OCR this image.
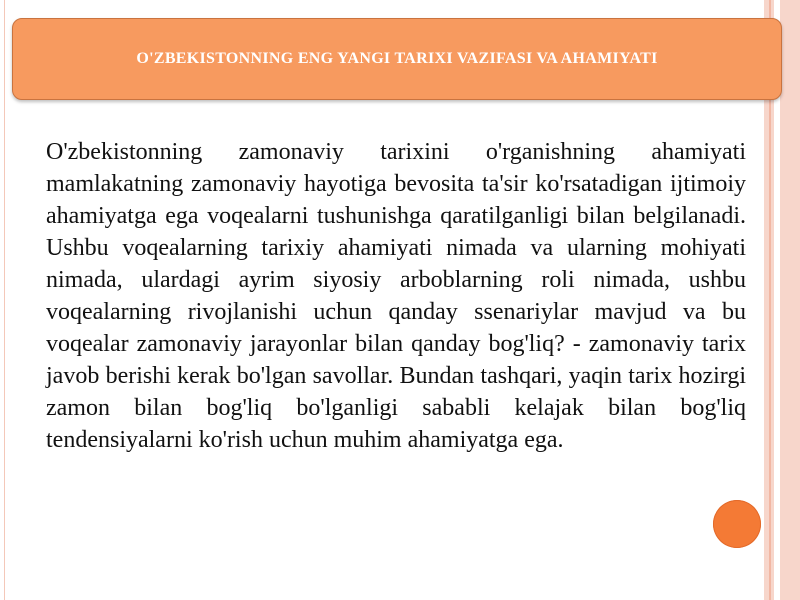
O'ZBEKISTONNING ENG YANGI TARIXI VAZIFASI VA AHAMIYATI

O'zbekistonning zamonaviy tarixini o'rganishning ahamiyati mamlakatning zamonaviy hayotiga bevosita ta'sir ko'rsatadigan ijtimoiy ahamiyatga ega voqealarni tushunishga qaratilganligi bilan belgilanadi. Ushbu voqealarning tarixiy ahamiyati nimada va ularning mohiyati nimada, ulardagi ayrim siyosiy arboblarning roli nimada, ushbu voqealarning rivojlanishi uchun qanday ssenariylar mavjud va bu voqealar zamonaviy jarayonlar bilan qanday bog'liq? - zamonaviy tarix javob berishi kerak bo'lgan savollar. Bundan tashqari, yaqin tarix hozirgi zamon bilan bog'liq bo'lganligi sababli kelajak bilan bog'liq tendensiyalarni ko'rish uchun muhim ahamiyatga ega.
